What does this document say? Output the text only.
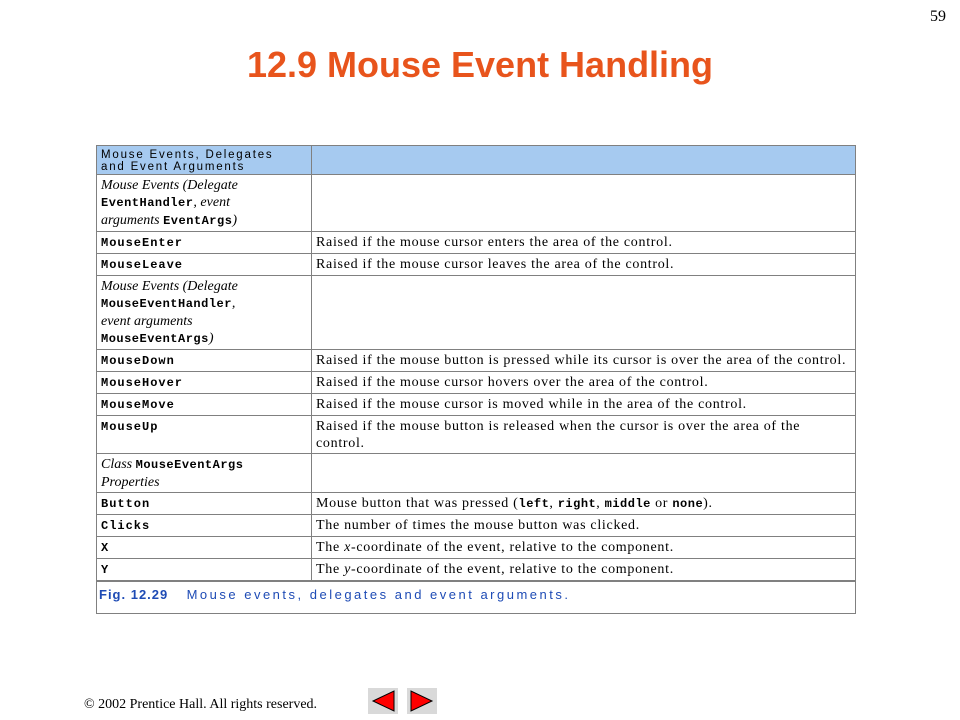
59
12.9 Mouse Event Handling
Mouse Events, Delegates
and Event Arguments	

Mouse Events (Delegate
EventHandler, event
arguments EventArgs)	

MouseEnter	Raised if the mouse cursor enters the area of the control.
MouseLeave	Raised if the mouse cursor leaves the area of the control.

Mouse Events (Delegate
MouseEventHandler,
event arguments
MouseEventArgs)	

MouseDown	Raised if the mouse button is pressed while its cursor is over the area of the control.
MouseHover	Raised if the mouse cursor hovers over the area of the control.
MouseMove	Raised if the mouse cursor is moved while in the area of the control.
MouseUp	Raised if the mouse button is released when the cursor is over the area of the control.

Class MouseEventArgs
Properties	

Button	Mouse button that was pressed (left, right, middle or none).
Clicks	The number of times the mouse button was clicked.
X	The x-coordinate of the event, relative to the component.
Y	The y-coordinate of the event, relative to the component.
Fig. 12.29 Mouse events, delegates and event arguments.	
© 2002 Prentice Hall. All rights reserved.
